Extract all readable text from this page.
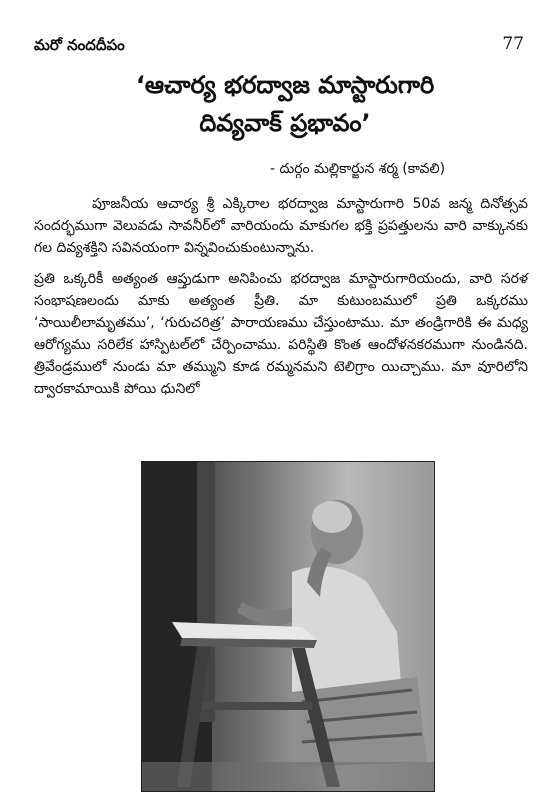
మరో నందదీపం	77
‘ఆచార్య భరద్వాజ మాస్టారుగారి
దివ్యవాక్ ప్రభావం’
- దుర్గం మల్లికార్జున శర్మ (కావలి)

పూజనీయ ఆచార్య శ్రీ ఎక్కిరాల భరద్వాజ మాస్టారుగారి 50వ జన్మ దినోత్సవ సందర్భముగా వెలువడు సావనీర్‌లో వారియందు మాకుగల భక్తి ప్రపత్తులను వారి వాక్కునకు గల దివ్యశక్తిని సవినయంగా విన్నవించుకుంటున్నాను.

ప్రతి ఒక్కరికీ అత్యంత ఆప్తుడుగా అనిపించు భరద్వాజ మాస్టారుగారియందు, వారి సరళ సంభాషణలందు మాకు అత్యంత ప్రీతి. మా కుటుంబములో ప్రతి ఒక్కరము ‘సాయిలీలామృతము’, ‘గురుచరిత్ర’ పారాయణము చేస్తుంటాము. మా తండ్రిగారికి ఈ మధ్య ఆరోగ్యము సరిలేక హాస్పిటల్‌లో చేర్పించాము. పరిస్థితి కొంత ఆందోళనకరముగా నుండినది. త్రివేండ్రములో నుండు మా తమ్ముని కూడ రమ్మనమని టెలిగ్రాం యిచ్చాము. మా వూరిలోని ద్వారకామాయికి పోయి ధునిలో
